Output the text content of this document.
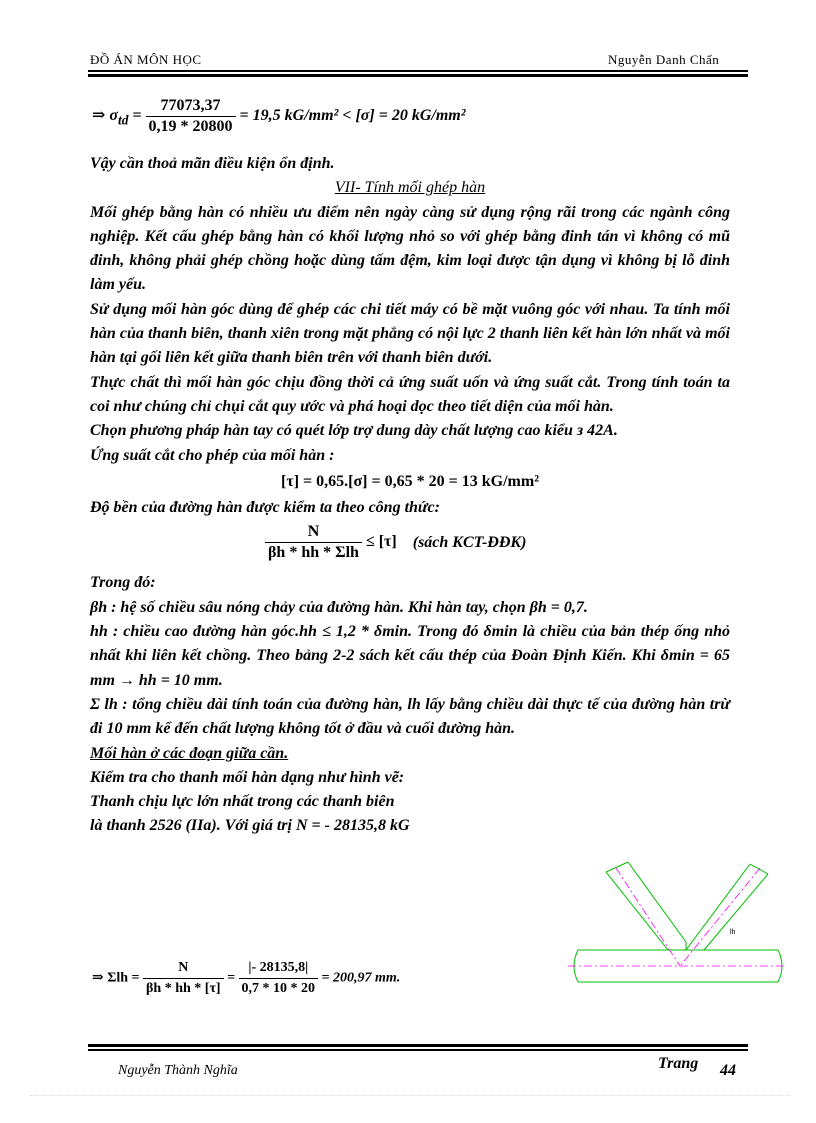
ĐỒ ÁN MÔN HỌC	Nguyễn Danh Chấn
⇒ $\sigma_{td} = \frac{77073,37}{0,19 * 20800} = 19,5$ kG/mm² < [σ] = 20 kG/mm²

Vậy cần thoả mãn điều kiện ổn định.

VII- Tính mối ghép hàn

Mối ghép bằng hàn có nhiều ưu điểm nên ngày càng sử dụng rộng rãi trong các ngành công nghiệp. Kết cấu ghép bằng hàn có khối lượng nhỏ so với ghép bằng đinh tán vì không có mũ đinh, không phải ghép chồng hoặc dùng tấm đệm, kim loại được tận dụng vì không bị lỗ đinh làm yếu.

Sử dụng mối hàn góc dùng để ghép các chi tiết máy có bề mặt vuông góc với nhau. Ta tính mối hàn của thanh biên, thanh xiên trong mặt phẳng có nội lực 2 thanh liên kết hàn lớn nhất và mối hàn tại gối liên kết giữa thanh biên trên với thanh biên dưới.

Thực chất thì mối hàn góc chịu đồng thời cả ứng suất uốn và ứng suất cắt. Trong tính toán ta coi như chúng chỉ chụi cắt quy ước và phá hoại dọc theo tiết diện của mối hàn.

Chọn phương pháp hàn tay có quét lớp trợ dung dày chất lượng cao kiểu з 42A.

Ứng suất cắt cho phép của mối hàn :

[τ] = 0,65.[σ] = 0,65 * 20 = 13 kG/mm²

Độ bền của đường hàn được kiểm ta theo công thức:

$\frac{N}{\text{βh * hh * Σlh}} \le [\tau]$ (sách KCT-ĐĐK)

Trong đó:

βh : hệ số chiều sâu nóng chảy của đường hàn. Khi hàn tay, chọn βh = 0,7.

hh : chiều cao đường hàn góc.hh ≤ 1,2 * δmin. Trong đó δmin là chiều của bản thép ống nhỏ nhất khi liên kết chồng. Theo bảng 2-2 sách kết cấu thép của Đoàn Định Kiến. Khi δmin = 65 mm → hh = 10 mm.

Σ lh : tổng chiều dài tính toán của đường hàn, lh lấy bằng chiều dài thực tế của đường hàn trừ đi 10 mm kể đến chất lượng không tốt ở đầu và cuối đường hàn.

Mối hàn ở các đoạn giữa cần.

Kiểm tra cho thanh mối hàn dạng như hình vẽ:

Thanh chịu lực lớn nhất trong các thanh biên

là thanh 2526 (IIa). Với giá trị N = - 28135,8 kG

⇒ $\Sigma lh = \frac{N}{\beta h * hh * [\tau]} = \frac{|- 28135,8|}{0,7 * 10 * 20} = 200,97$ mm.
lh
Nguyễn Thành Nghĩa	Trang 44
